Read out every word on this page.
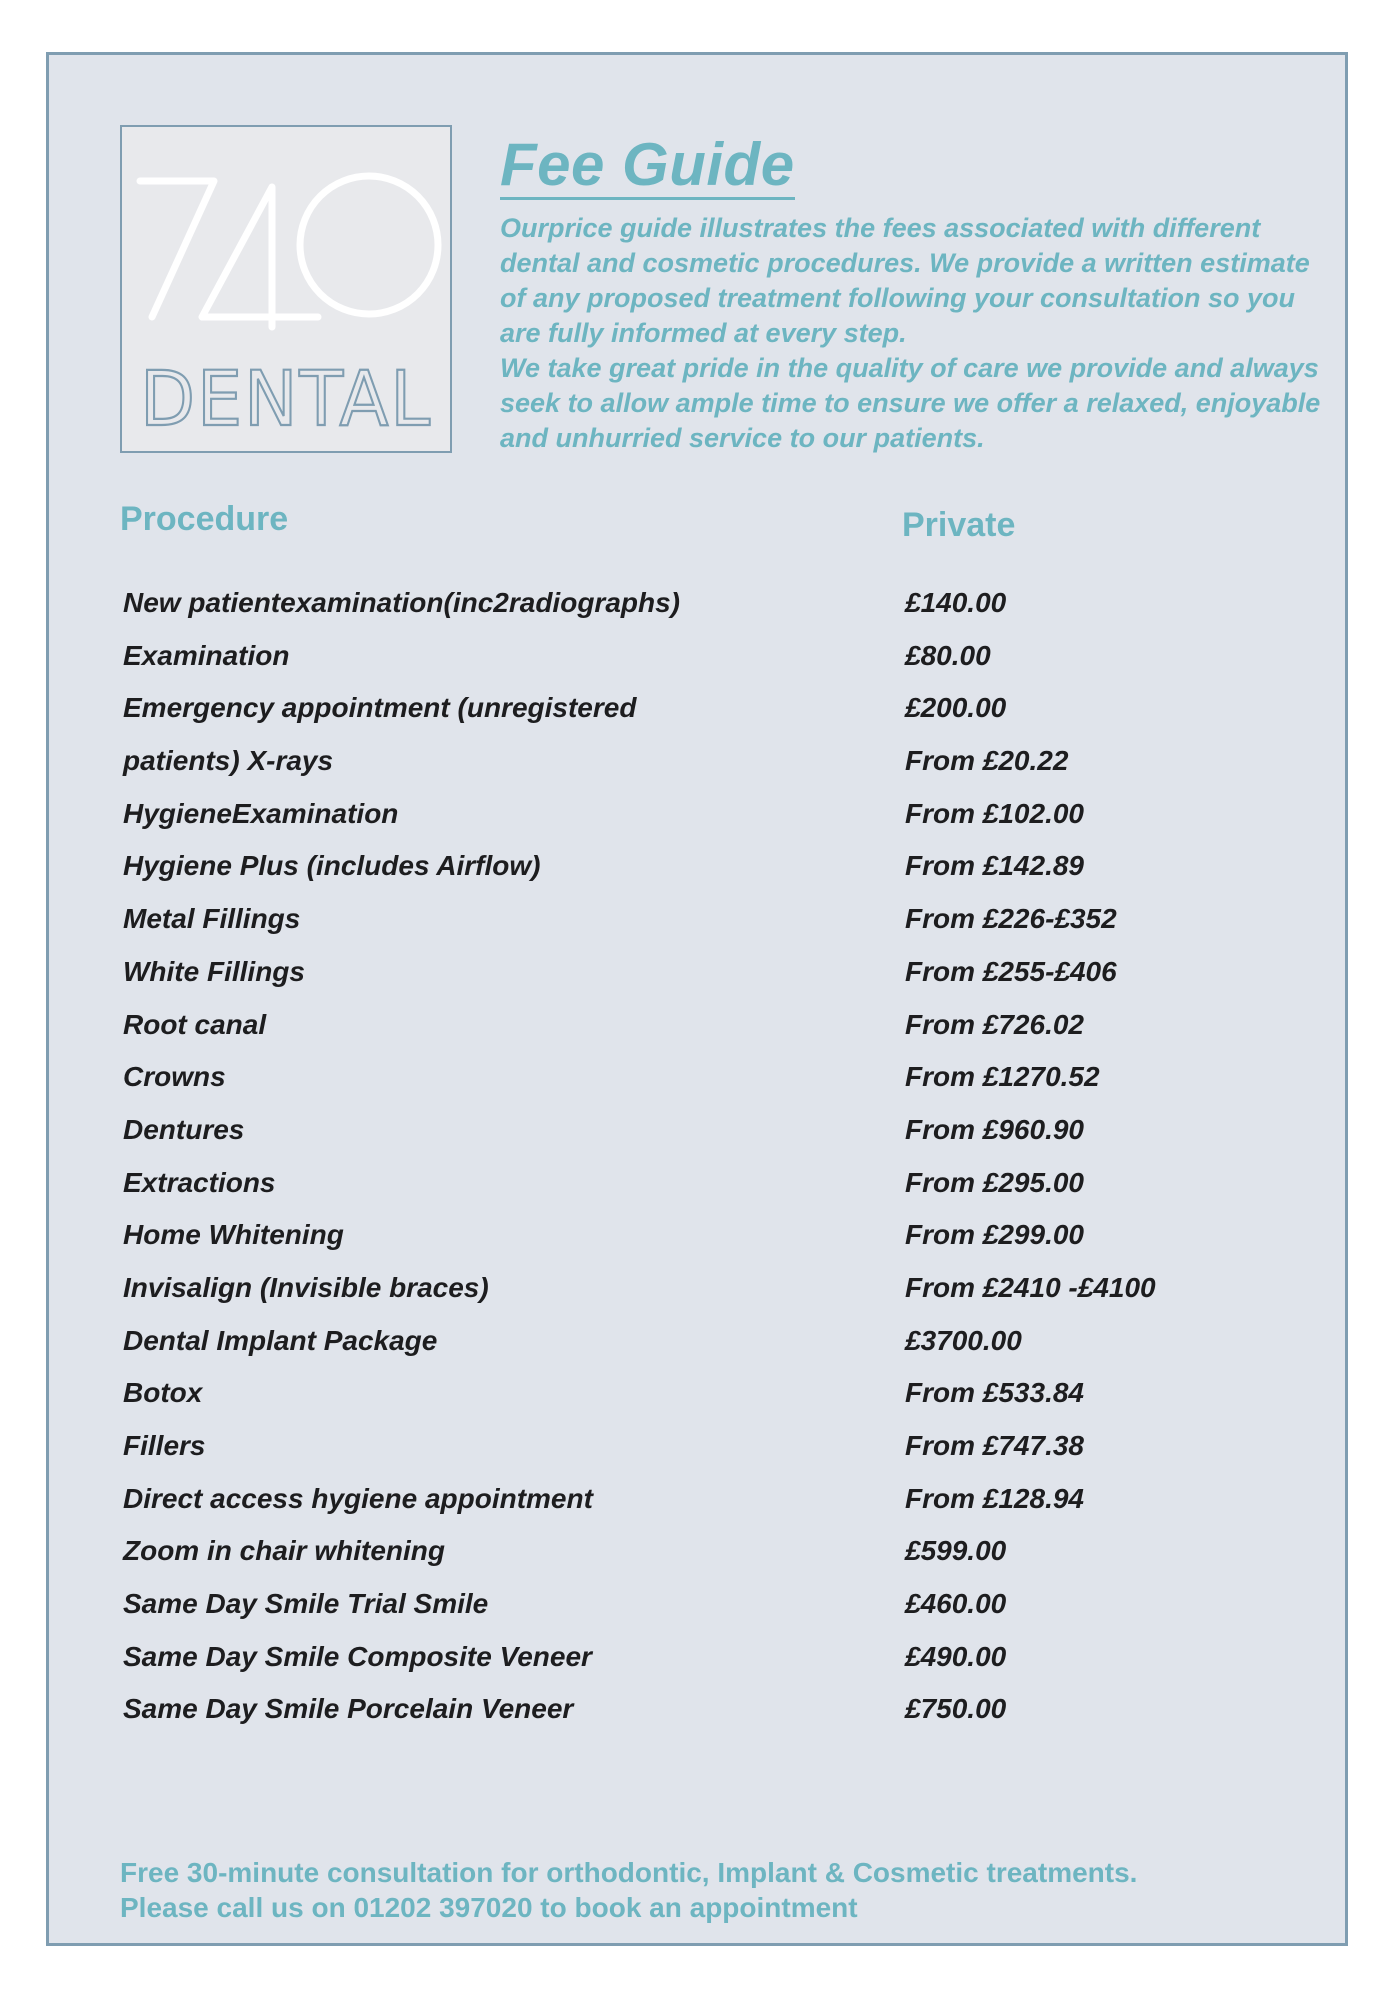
DENTAL
Fee Guide

Ourprice guide illustrates the fees associated with different dental and cosmetic procedures. We provide a written estimate of any proposed treatment following your consultation so you are fully informed at every step.

We take great pride in the quality of care we provide and always seek to allow ample time to ensure we offer a relaxed, enjoyable and unhurried service to our patients.

Procedure	Private
New patientexamination(inc2radiographs)	£140.00
Examination	£80.00
Emergency appointment (unregistered	£200.00
patients) X-rays	From £20.22
HygieneExamination	From £102.00
Hygiene Plus (includes Airflow)	From £142.89
Metal Fillings	From £226-£352
White Fillings	From £255-£406
Root canal	From £726.02
Crowns	From £1270.52
Dentures	From £960.90
Extractions	From £295.00
Home Whitening	From £299.00
Invisalign (Invisible braces)	From £2410 -£4100
Dental Implant Package	£3700.00
Botox	From £533.84
Fillers	From £747.38
Direct access hygiene appointment	From £128.94
Zoom in chair whitening	£599.00
Same Day Smile Trial Smile	£460.00
Same Day Smile Composite Veneer	£490.00
Same Day Smile Porcelain Veneer	£750.00

Free 30-minute consultation for orthodontic, Implant & Cosmetic treatments.

Please call us on 01202 397020 to book an appointment
